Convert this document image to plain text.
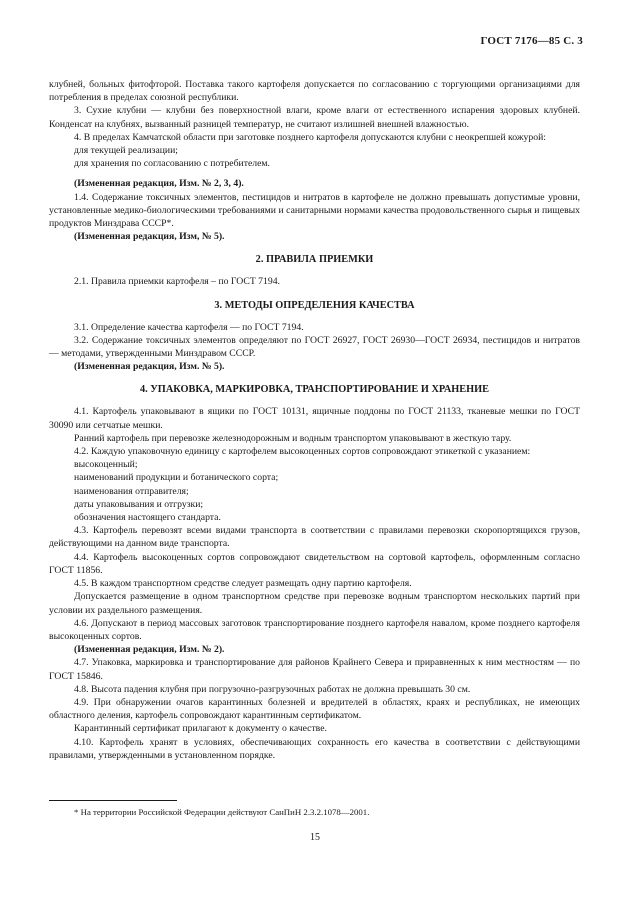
ГОСТ 7176—85 С. 3

клубней, больных фитофторой. Поставка такого картофеля допускается по согласованию с торгующими организациями для потребления в пределах союзной республики.

3. Сухие клубни — клубни без поверхностной влаги, кроме влаги от естественного испарения здоровых клубней. Конденсат на клубнях, вызванный разницей температур, не считают излишней внешней влажностью.

4. В пределах Камчатской области при заготовке позднего картофеля допускаются клубни с неокрепшей кожурой:

для текущей реализации;

для хранения по согласованию с потребителем.

(Измененная редакция, Изм. № 2, 3, 4).

1.4. Содержание токсичных элементов, пестицидов и нитратов в картофеле не должно превышать допустимые уровни, установленные медико-биологическими требованиями и санитарными нормами качества продовольственного сырья и пищевых продуктов Минздрава СССР*.

(Измененная редакция, Изм, № 5).

2. ПРАВИЛА ПРИЕМКИ

2.1. Правила приемки картофеля – по ГОСТ 7194.

3. МЕТОДЫ ОПРЕДЕЛЕНИЯ КАЧЕСТВА

3.1. Определение качества картофеля — по ГОСТ 7194.

3.2. Содержание токсичных элементов определяют по ГОСТ 26927, ГОСТ 26930—ГОСТ 26934, пестицидов и нитратов — методами, утвержденными Минздравом СССР.

(Измененная редакция, Изм. № 5).

4. УПАКОВКА, МАРКИРОВКА, ТРАНСПОРТИРОВАНИЕ И ХРАНЕНИЕ

4.1. Картофель упаковывают в ящики по ГОСТ 10131, ящичные поддоны по ГОСТ 21133, тканевые мешки по ГОСТ 30090 или сетчатые мешки.

Ранний картофель при перевозке железнодорожным и водным транспортом упаковывают в жесткую тару.

4.2. Каждую упаковочную единицу с картофелем высокоценных сортов сопровождают этикеткой с указанием:

высокоценный;

наименований продукции и ботанического сорта;

наименования отправителя;

даты упаковывания и отгрузки;

обозначения настоящего стандарта.

4.3. Картофель перевозят всеми видами транспорта в соответствии с правилами перевозки скоропортящихся грузов, действующими на данном виде транспорта.

4.4. Картофель высокоценных сортов сопровождают свидетельством на сортовой картофель, оформленным согласно ГОСТ 11856.

4.5. В каждом транспортном средстве следует размещать одну партию картофеля.

Допускается размещение в одном транспортном средстве при перевозке водным транспортом нескольких партий при условии их раздельного размещения.

4.6. Допускают в период массовых заготовок транспортирование позднего картофеля навалом, кроме позднего картофеля высокоценных сортов.

(Измененная редакция, Изм. № 2).

4.7. Упаковка, маркировка и транспортирование для районов Крайнего Севера и приравненных к ним местностям — по ГОСТ 15846.

4.8. Высота падения клубня при погрузочно-разгрузочных работах не должна превышать 30 см.

4.9. При обнаружении очагов карантинных болезней и вредителей в областях, краях и республиках, не имеющих областного деления, картофель сопровождают карантинным сертификатом.

Карантинный сертификат прилагают к документу о качестве.

4.10. Картофель хранят в условиях, обеспечивающих сохранность его качества в соответствии с действующими правилами, утвержденными в установленном порядке.

* На территории Российской Федерации действуют СанПиН 2.3.2.1078—2001.
15
